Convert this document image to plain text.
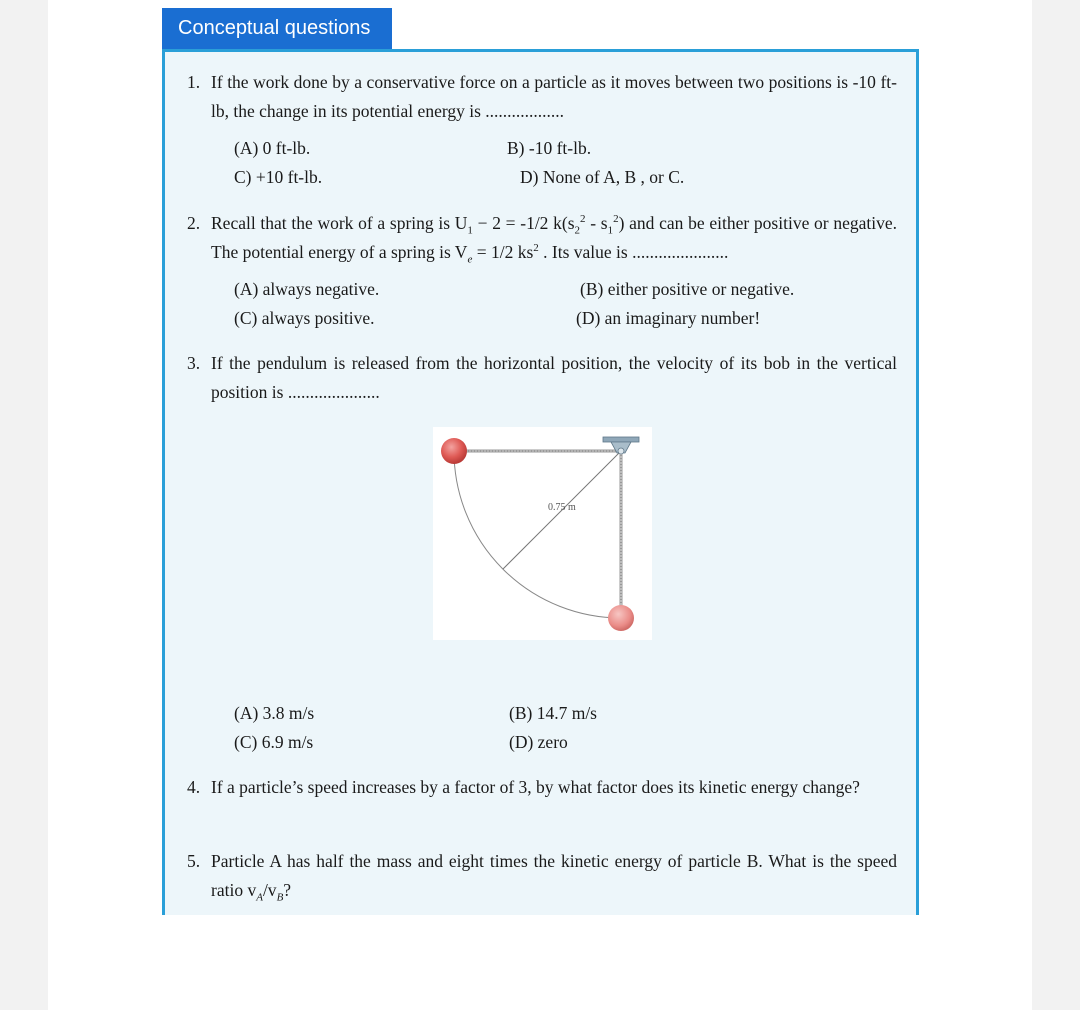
Conceptual questions
1. If the work done by a conservative force on a particle as it moves between two positions is -10 ft-lb, the change in its potential energy is ..................
(A) 0 ft-lb.	B) -10 ft-lb.
C) +10 ft-lb.	D) None of A, B , or C.
2. Recall that the work of a spring is $U_1 - 2 = -1/2$ $k(s_2^2 - s_1^2)$ and can be either positive or negative. The potential energy of a spring is $V_e = 1/2$ $ks^2$ . Its value is ......................
(A) always negative.	(B) either positive or negative.
(C) always positive.	(D) an imaginary number!
3. If the pendulum is released from the horizontal position, the velocity of its bob in the vertical position is .....................
0.75 m
(A) 3.8 m/s	(B) 14.7 m/s
(C) 6.9 m/s	(D) zero
4. If a particle’s speed increases by a factor of 3, by what factor does its kinetic energy change?
5. Particle A has half the mass and eight times the kinetic energy of particle B. What is the speed ratio $v_A/v_B$?
